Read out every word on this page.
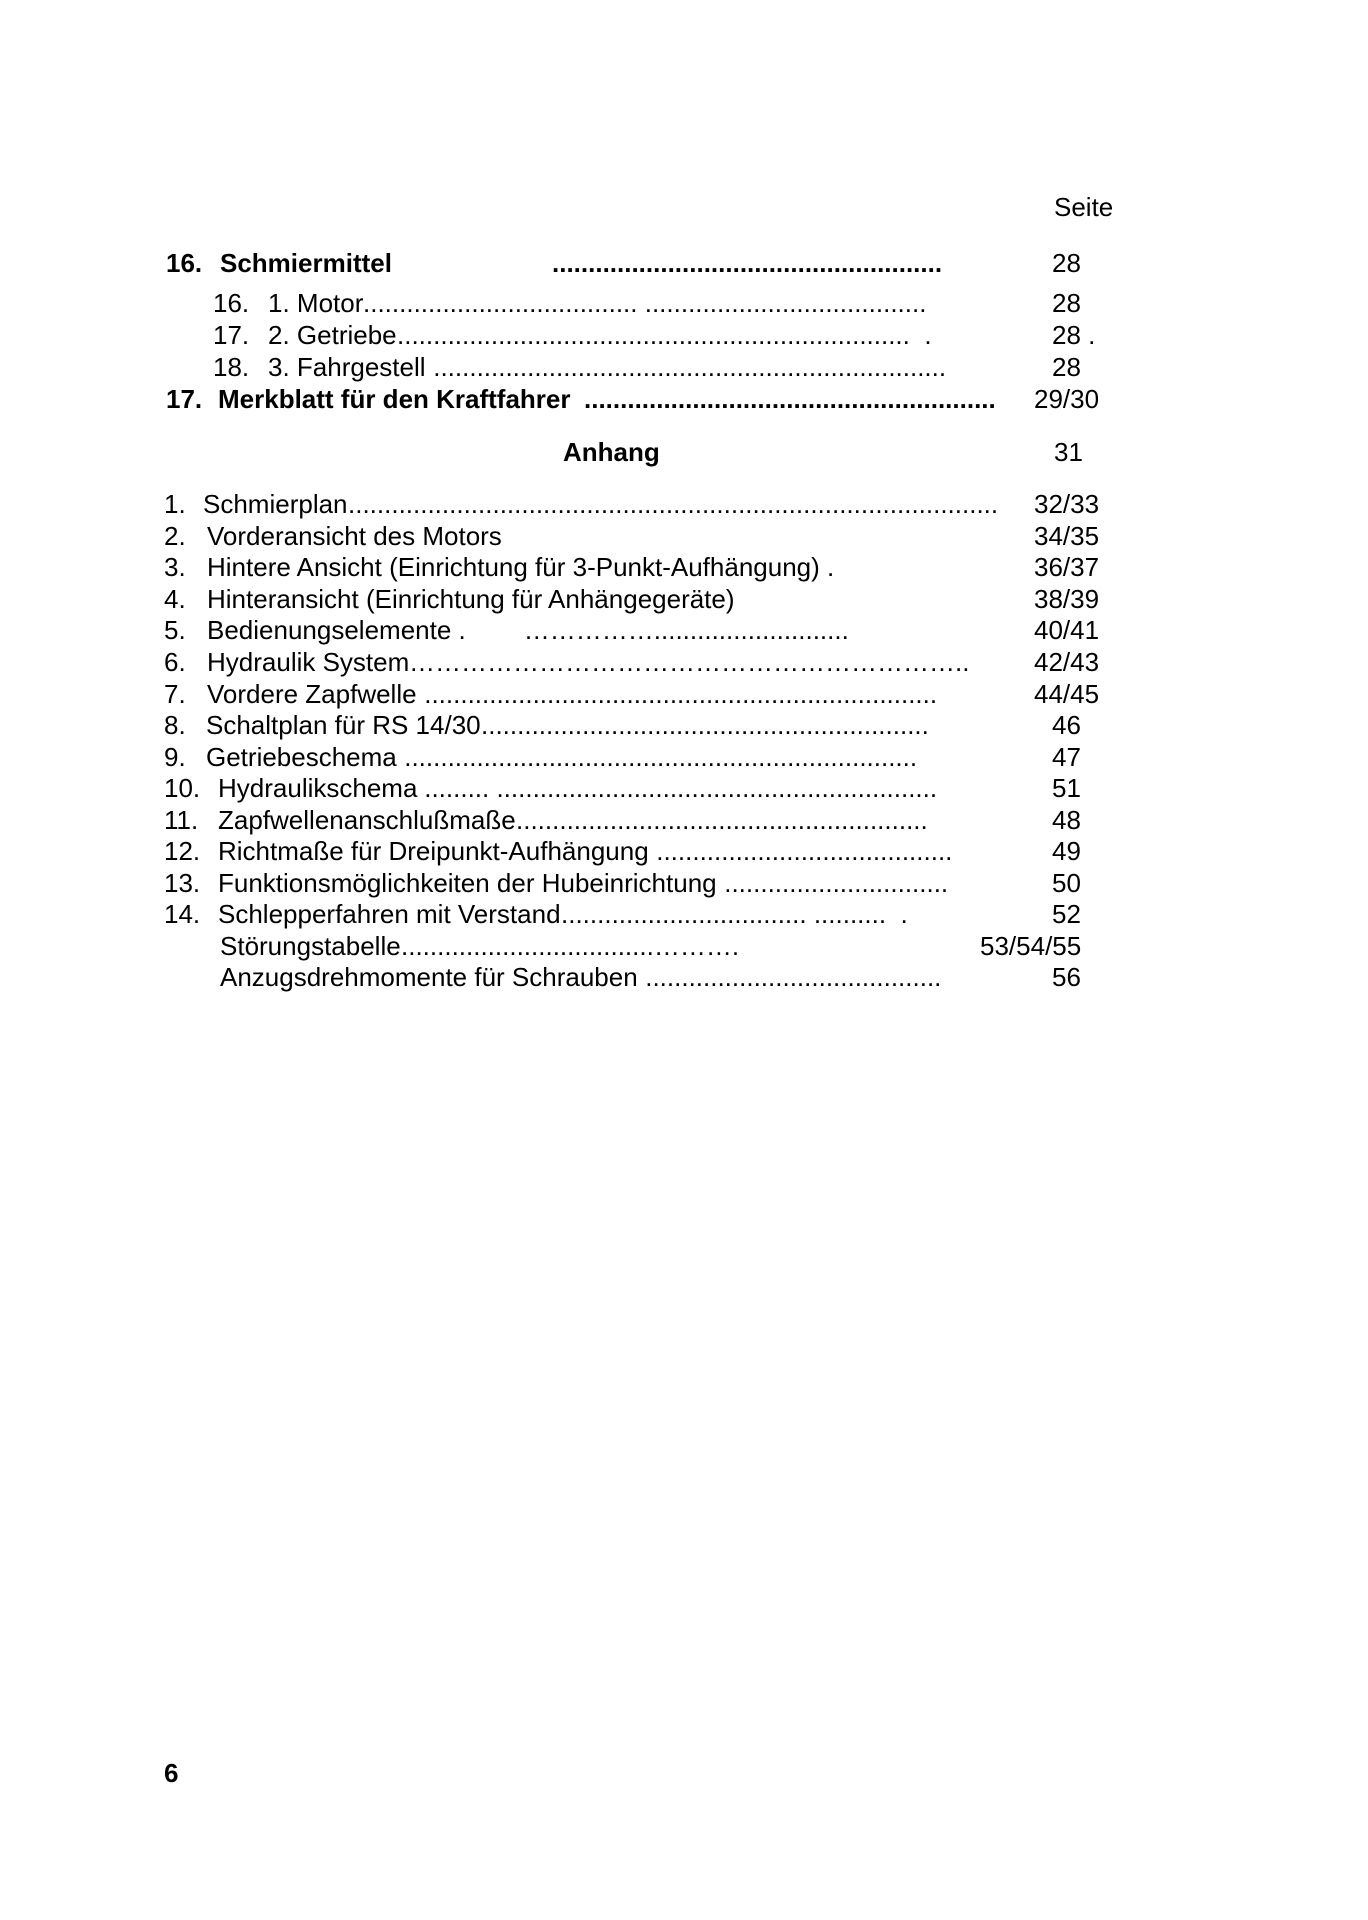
Seite
16. Schmiermittel	......................................................	28
16. 1. Motor ...................................... .......................................	28
17. 2. Getriebe .......................................................................  .	28 .
18. 3. Fahrgestell .......................................................................	28
17. Merkblatt für den Kraftfahrer .........................................................	29/30
Anhang	31
1. Schmierplan ..........................................................................................	32/33
2. Vorderansicht des Motors	34/35
3. Hintere Ansicht (Einrichtung für 3-Punkt-Aufhängung) .	36/37
4. Hinteransicht (Einrichtung für Anhängegeräte)	38/39
5. Bedienungselemente . ……………...........................	40/41
6. Hydraulik System ………………………………………………………..	42/43
7. Vordere Zapfwelle .......................................................................	44/45
8. Schaltplan für RS 14/30 ..............................................................	46
9. Getriebeschema .......................................................................	47
10. Hydraulikschema ......... .............................................................	51
11. Zapfwellenanschlußmaße .........................................................	48
12. Richtmaße für Dreipunkt-Aufhängung .........................................	49
13. Funktionsmöglichkeiten der Hubeinrichtung ...............................	50
14. Schlepperfahren mit Verstand .................................. ..........  .	52
Störungstabelle ...................................……….	53/54/55
Anzugsdrehmomente für Schrauben .........................................	56
6
